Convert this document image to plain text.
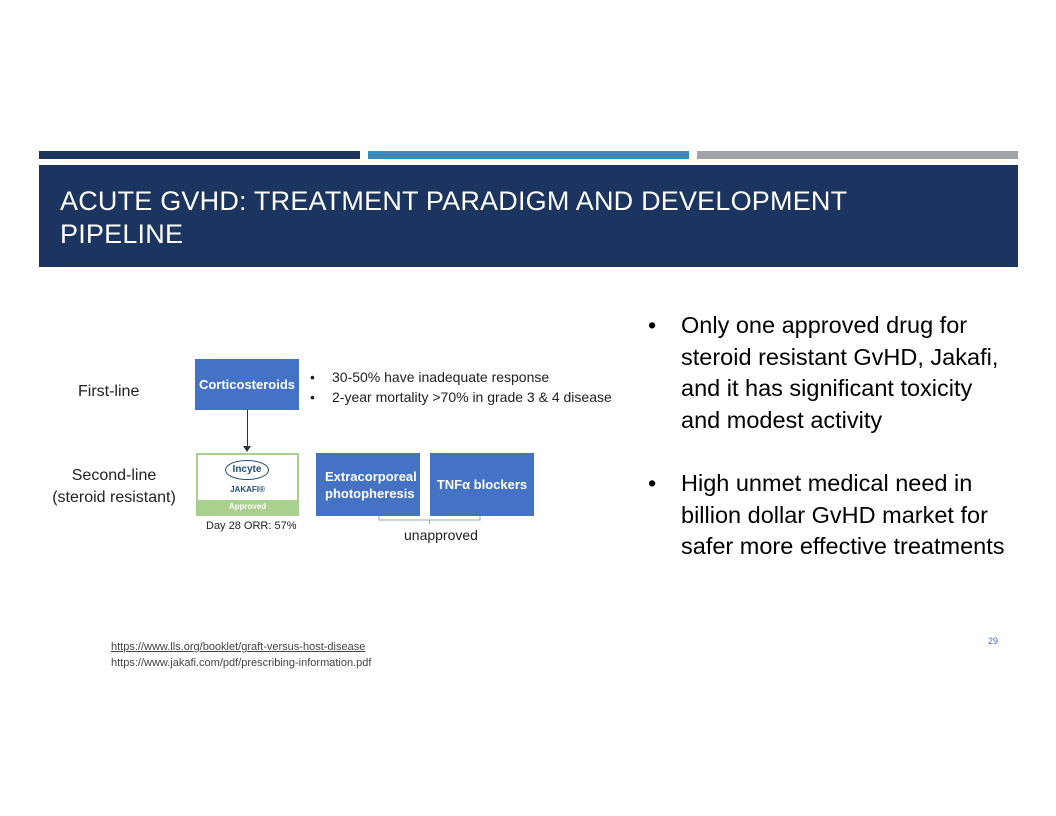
ACUTE GVHD: TREATMENT PARADIGM AND DEVELOPMENT PIPELINE
First-line
Second-line (steroid resistant)
Corticosteroids • 30-50% have inadequate response
• 2-year mortality >70% in grade 3 & 4 disease
Incyte
JAKAFI®
Approved
Day 28 ORR: 57%
Extracorporeal photopheresis
TNFα blockers
unapproved
• Only one approved drug for steroid resistant GvHD, Jakafi, and it has significant toxicity and modest activity
• High unmet medical need in billion dollar GvHD market for safer more effective treatments
https://www.lls.org/booklet/graft-versus-host-disease
https://www.jakafi.com/pdf/prescribing-information.pdf
29
